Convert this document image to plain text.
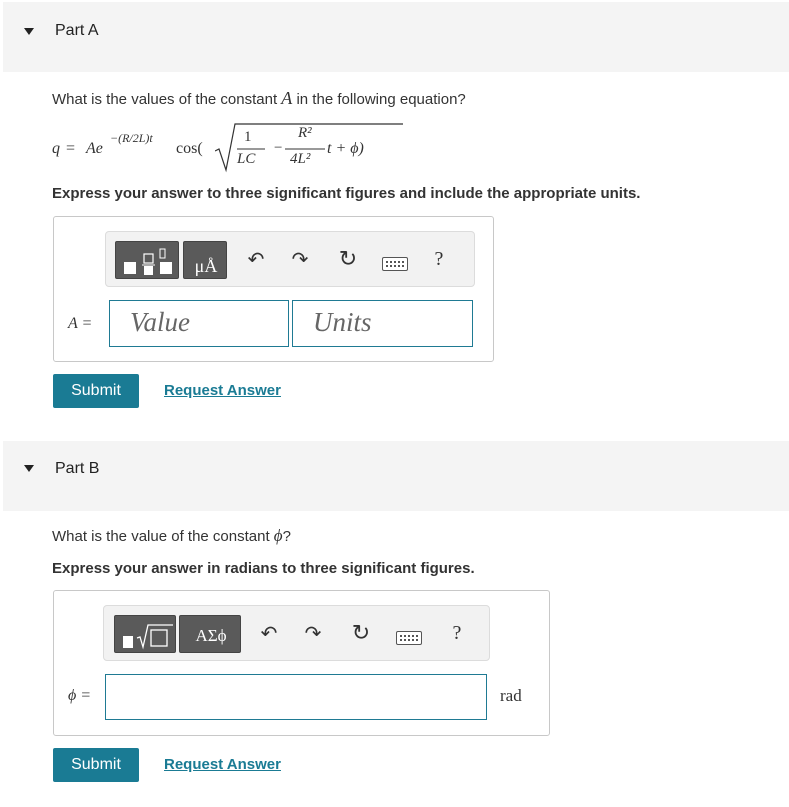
Part A
What is the values of the constant A in the following equation?
q = Ae
−(R/2L)t
cos(
1
LC
−
R²
4L²
t + ϕ)
Express your answer to three significant figures and include the appropriate units.
μÅ	↶ ↷ ↻	?
A = Value	Units
Submit	Request Answer
Part B
What is the value of the constant ϕ?
Express your answer in radians to three significant figures.
ΑΣϕ	↶ ↷ ↻	?
ϕ =	rad
Submit	Request Answer
